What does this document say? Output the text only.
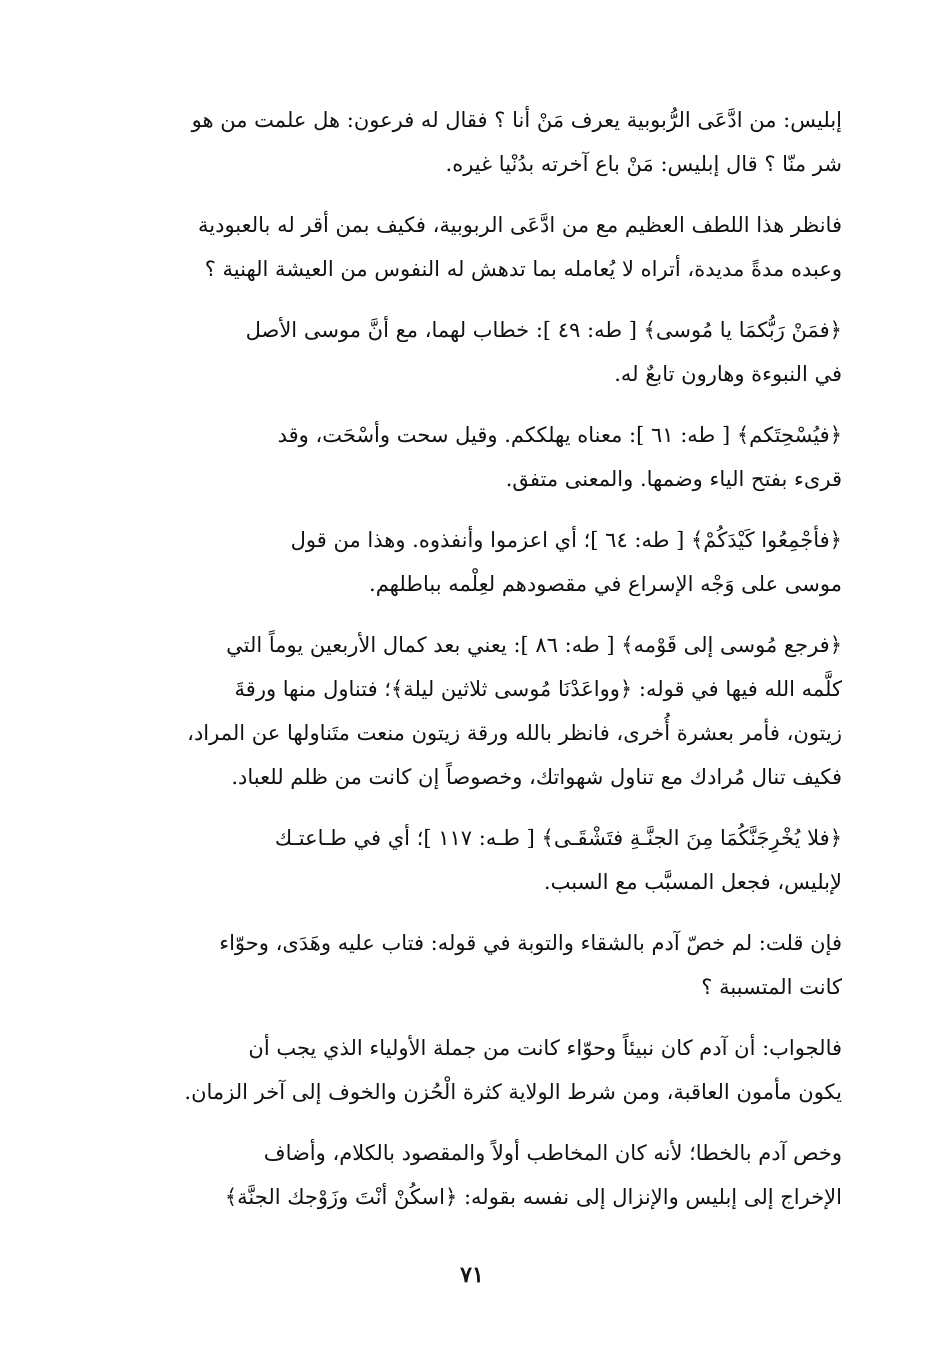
إبليس: من ادَّعَى الرُّبوبية يعرف مَنْ أنا ؟ فقال له فرعون: هل علمت من هو
شر منّا ؟ قال إبليس: مَنْ باع آخرته بدُنْيا غيره.

فانظر هذا اللطف العظيم مع من ادَّعَى الربوبية، فكيف بمن أقر له بالعبودية
وعبده مدةً مديدة، أتراه لا يُعامله بما تدهش له النفوس من العيشة الهنية ؟

﴿فمَنْ رَبُّكمَا يا مُوسى﴾ [ طه: ٤٩ ]: خطاب لهما، مع أنَّ موسى الأصل
في النبوءة وهارون تابعٌ له.

﴿فيُسْحِتَكم﴾ [ طه: ٦١ ]: معناه يهلككم. وقيل سحت وأسْحَت، وقد
قرىء بفتح الياء وضمها. والمعنى متفق.

﴿فأجْمِعُوا كَيْدَكُمْ﴾ [ طه: ٦٤ ]؛ أي اعزموا وأنفذوه. وهذا من قول
موسى على وَجْه الإسراع في مقصودهم لعِلْمه بباطلهم.

﴿فرجع مُوسى إلى قَوْمه﴾ [ طه: ٨٦ ]: يعني بعد كمال الأربعين يوماً التي
كلَّمه الله فيها في قوله: ﴿وواعَدْنَا مُوسى ثلاثين ليلة﴾؛ فتناول منها ورقةَ
زيتون، فأمر بعشرة أُخرى، فانظر بالله ورقة زيتون منعت متَناولها عن المراد،
فكيف تنال مُرادك مع تناول شهواتك، وخصوصاً إن كانت من ظلم للعباد.

﴿فلا يُخْرِجَنَّكُمَا مِنَ الجنَّـةِ فتَشْقَـى﴾ [ طـه: ١١٧ ]؛ أي في طـاعتـك
لإبليس، فجعل المسبَّب مع السبب.

فإن قلت: لم خصّ آدم بالشقاء والتوبة في قوله: فتاب عليه وهَدَى، وحوّاء
كانت المتسببة ؟

فالجواب: أن آدم كان نبيئاً وحوّاء كانت من جملة الأولياء الذي يجب أن
يكون مأمون العاقبة، ومن شرط الولاية كثرة الْحُزن والخوف إلى آخر الزمان.

وخص آدم بالخطا؛ لأنه كان المخاطب أولاً والمقصود بالكلام، وأضاف
الإخراج إلى إبليس والإنزال إلى نفسه بقوله: ﴿اسكُنْ أنْتَ وزَوْجك الجنَّة﴾

٧١
